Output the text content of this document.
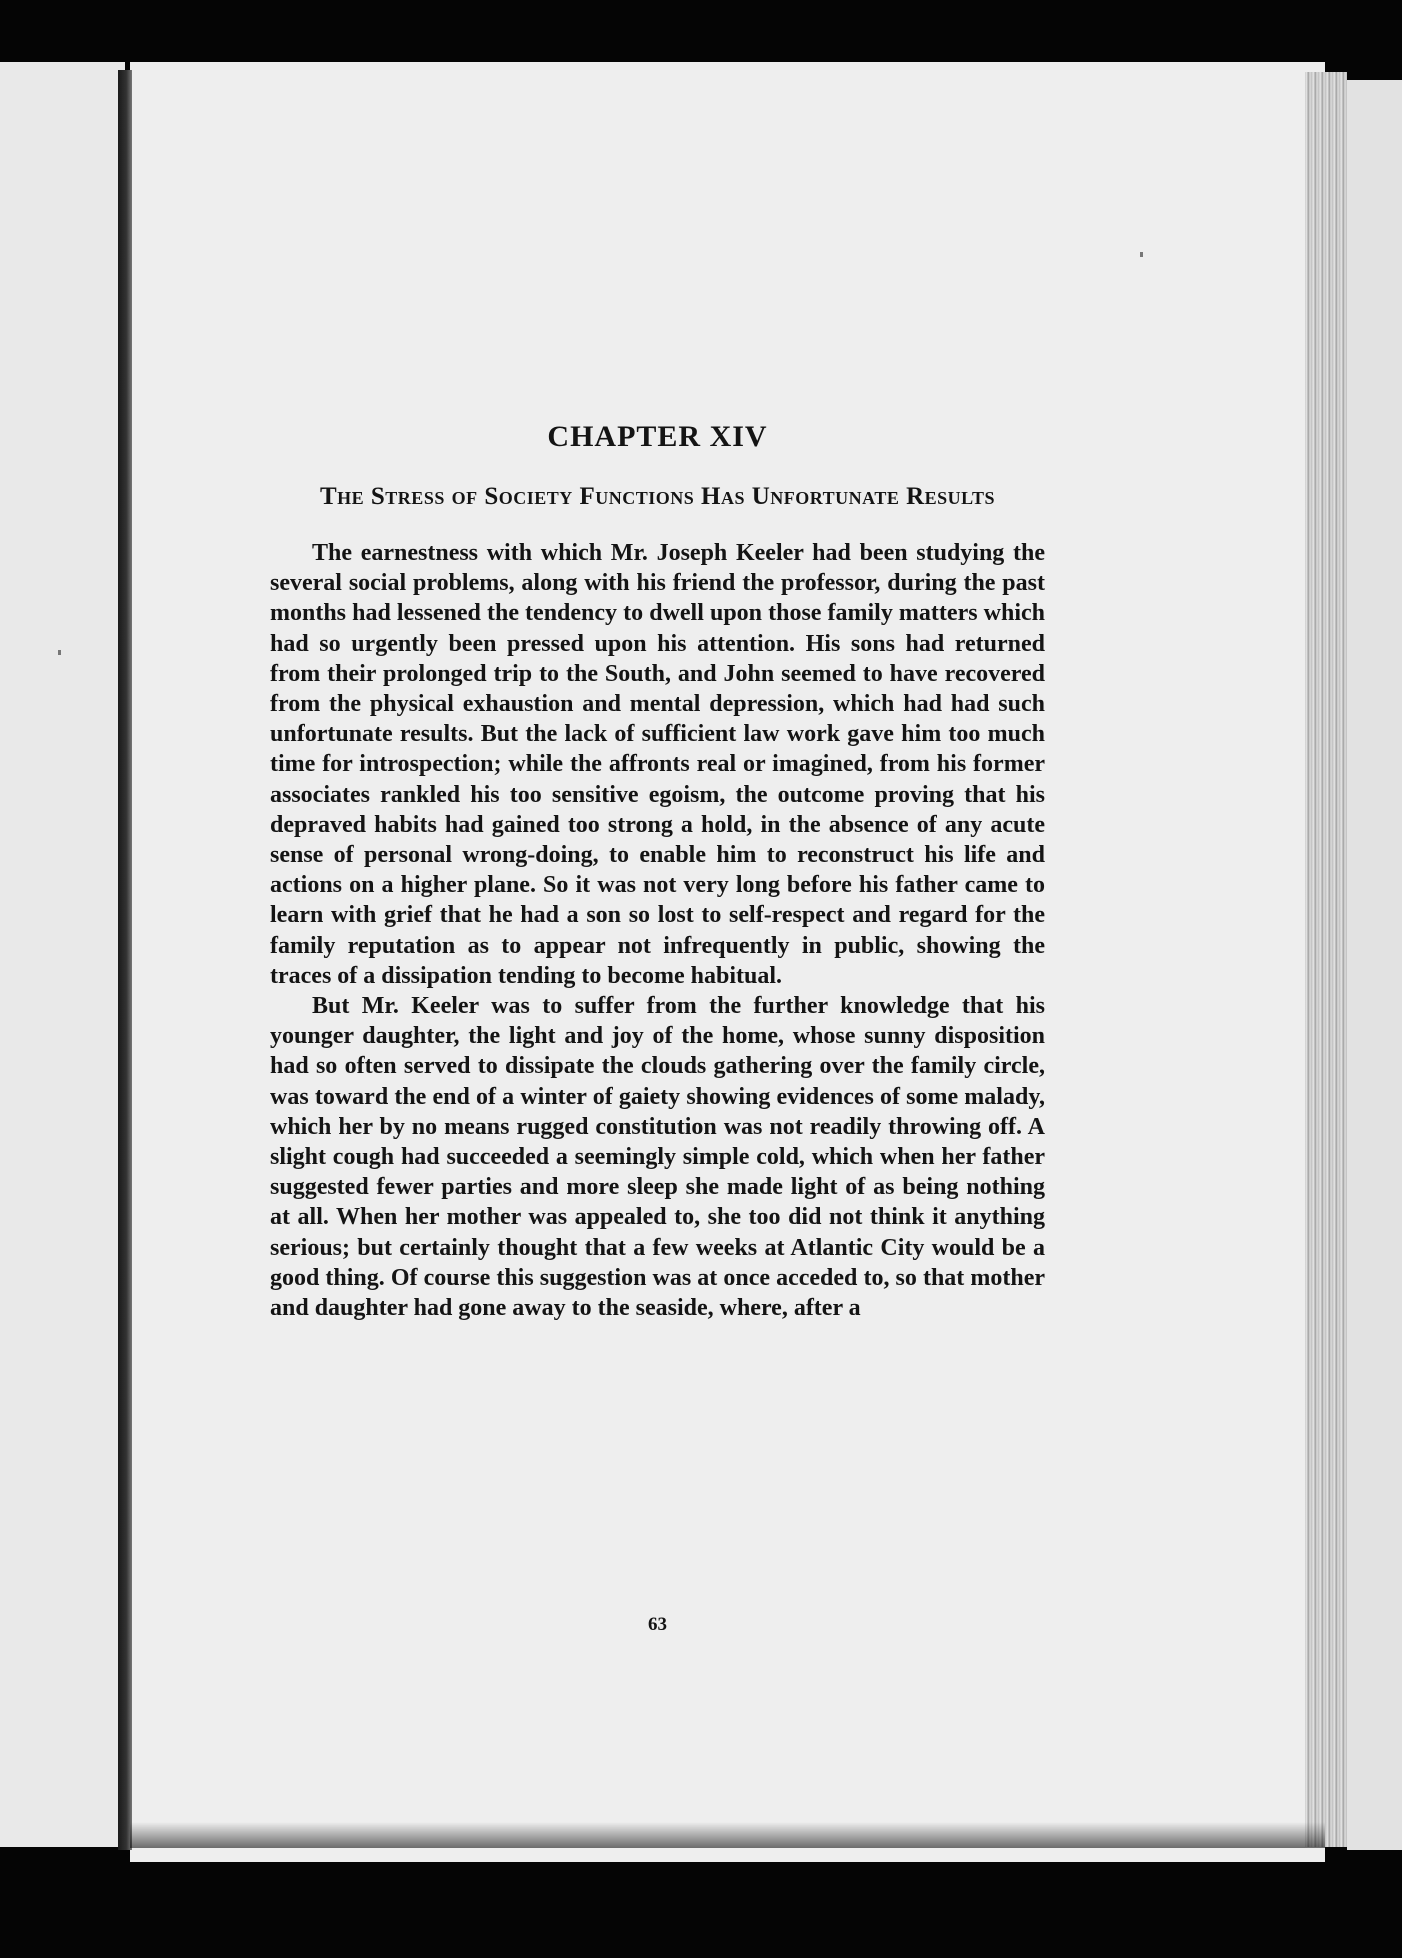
CHAPTER XIV
The Stress of Society Functions Has Unfortunate Results

The earnestness with which Mr. Joseph Keeler had been studying the several social problems, along with his friend the professor, during the past months had lessened the tendency to dwell upon those family matters which had so urgently been pressed upon his attention. His sons had returned from their prolonged trip to the South, and John seemed to have recovered from the physical exhaustion and mental depression, which had had such unfortunate results. But the lack of sufficient law work gave him too much time for introspection; while the affronts real or imagined, from his former associates rankled his too sensitive egoism, the outcome proving that his depraved habits had gained too strong a hold, in the absence of any acute sense of personal wrong-doing, to enable him to reconstruct his life and actions on a higher plane. So it was not very long before his father came to learn with grief that he had a son so lost to self-respect and regard for the family reputation as to appear not infrequently in public, showing the traces of a dissipation tending to become habitual.

But Mr. Keeler was to suffer from the further knowledge that his younger daughter, the light and joy of the home, whose sunny disposition had so often served to dissipate the clouds gathering over the family circle, was toward the end of a winter of gaiety showing evidences of some malady, which her by no means rugged constitution was not readily throwing off. A slight cough had succeeded a seemingly simple cold, which when her father suggested fewer parties and more sleep she made light of as being nothing at all. When her mother was appealed to, she too did not think it anything serious; but certainly thought that a few weeks at Atlantic City would be a good thing. Of course this suggestion was at once acceded to, so that mother and daughter had gone away to the seaside, where, after a

63
